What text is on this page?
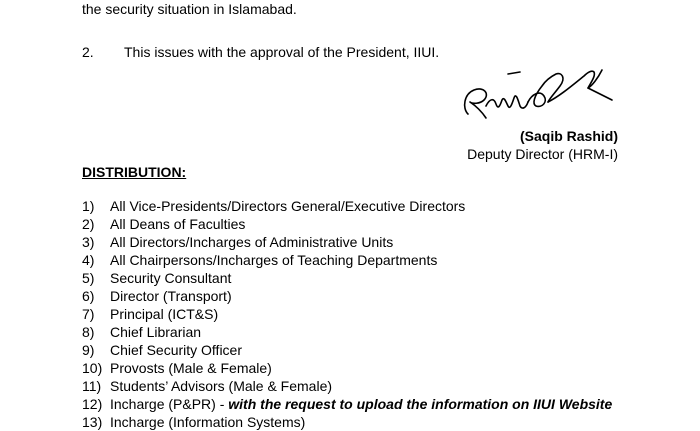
the security situation in Islamabad.
2. This issues with the approval of the President, IIUI.
(Saqib Rashid)
Deputy Director (HRM-I)
DISTRIBUTION:
1) All Vice-Presidents/Directors General/Executive Directors
2) All Deans of Faculties
3) All Directors/Incharges of Administrative Units
4) All Chairpersons/Incharges of Teaching Departments
5) Security Consultant
6) Director (Transport)
7) Principal (ICT&S)
8) Chief Librarian
9) Chief Security Officer
10) Provosts (Male & Female)
11) Students’ Advisors (Male & Female)
12) Incharge (P&PR) - with the request to upload the information on IIUI Website
13) Incharge (Information Systems)
